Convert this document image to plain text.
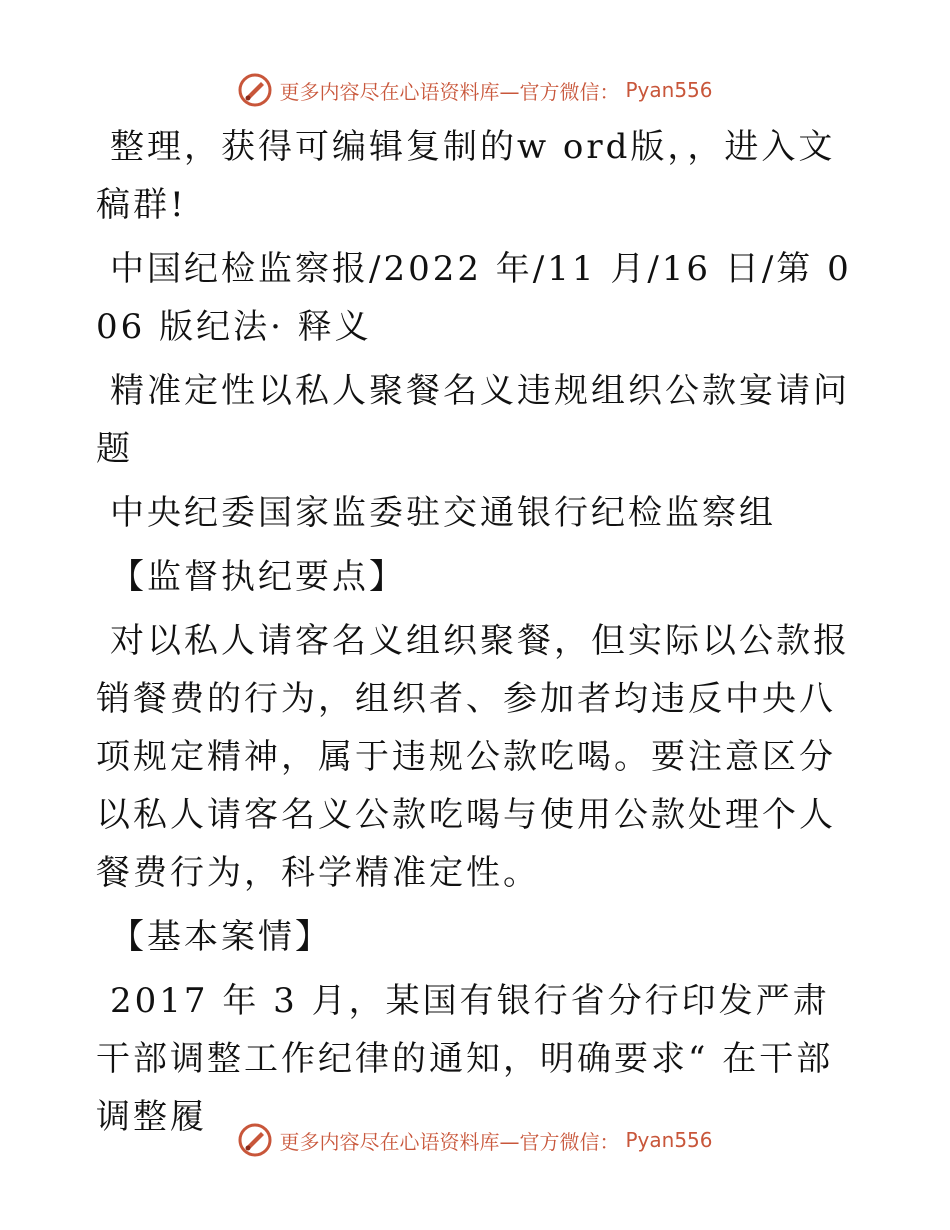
更多内容尽在心语资料库—官方微信： Pyan556

整理，获得可编辑复制的w ord版，，进入文稿群!

中国纪检监察报/2022 年/11 月/16 日/第 006 版纪法· 释义

精准定性以私人聚餐名义违规组织公款宴请问题

中央纪委国家监委驻交通银行纪检监察组

【监督执纪要点】

对以私人请客名义组织聚餐，但实际以公款报销餐费的行为，组织者、参加者均违反中央八项规定精神，属于违规公款吃喝。要注意区分以私人请客名义公款吃喝与使用公款处理个人餐费行为，科学精准定性。

【基本案情】

2017 年 3 月，某国有银行省分行印发严肃干部调整工作纪律的通知，明确要求“ 在干部调整履

更多内容尽在心语资料库—官方微信： Pyan556
